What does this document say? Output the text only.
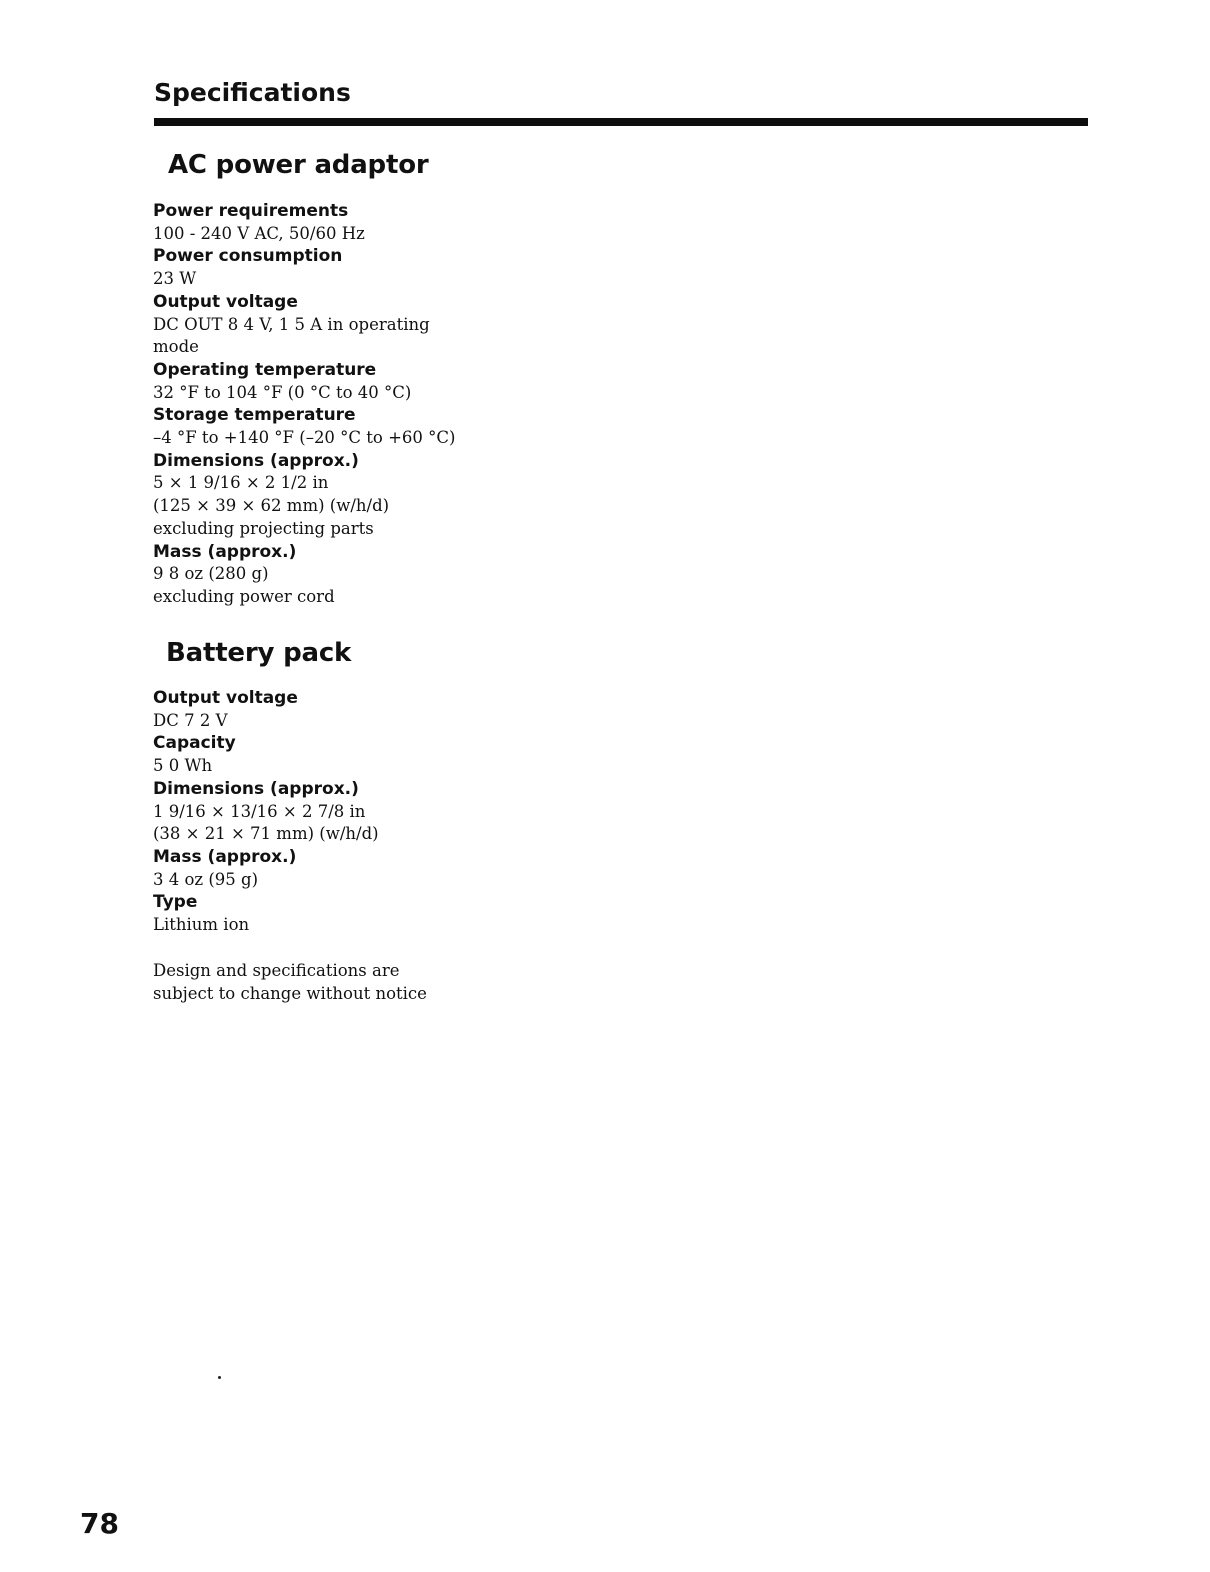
Specifications
AC power adaptor
Power requirements
100 - 240 V AC, 50/60 Hz
Power consumption
23 W
Output voltage
DC OUT 8 4 V, 1 5 A in operating
mode
Operating temperature
32 °F to 104 °F (0 °C to 40 °C)
Storage temperature
–4 °F to +140 °F (–20 °C to +60 °C)
Dimensions (approx.)
5 × 1 9/16 × 2 1/2 in
(125 × 39 × 62 mm) (w/h/d)
excluding projecting parts
Mass (approx.)
9 8 oz (280 g)
excluding power cord
Battery pack
Output voltage
DC 7 2 V
Capacity
5 0 Wh
Dimensions (approx.)
1 9/16 × 13/16 × 2 7/8 in
(38 × 21 × 71 mm) (w/h/d)
Mass (approx.)
3 4 oz (95 g)
Type
Lithium ion

Design and specifications are
subject to change without notice

78
